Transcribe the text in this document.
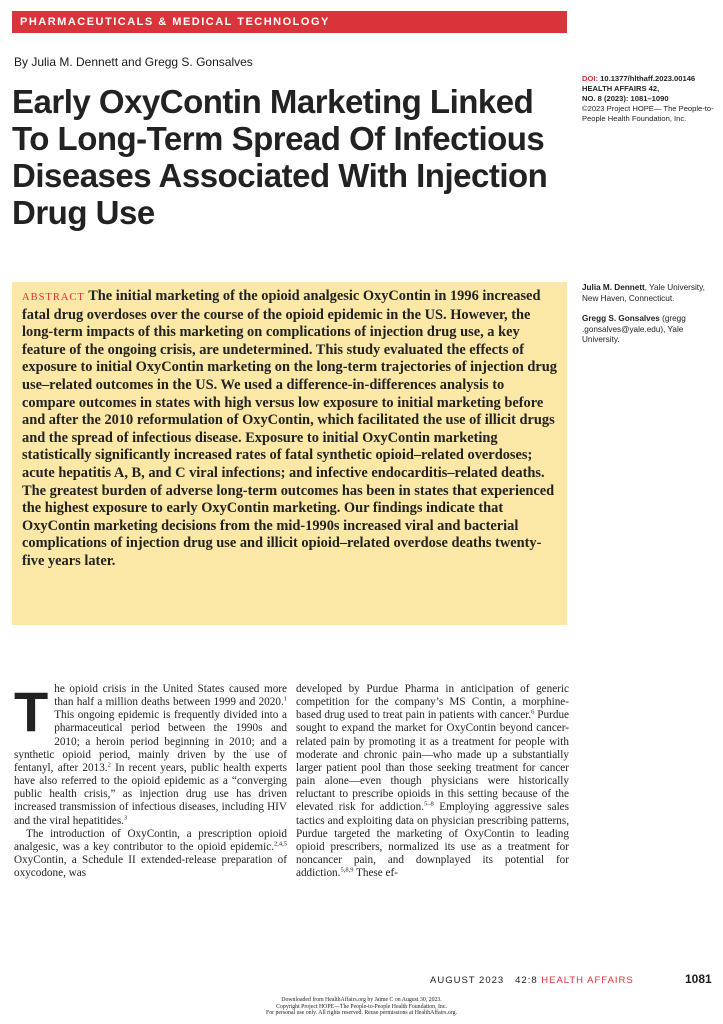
PHARMACEUTICALS & MEDICAL TECHNOLOGY
By Julia M. Dennett and Gregg S. Gonsalves
Early OxyContin Marketing Linked To Long-Term Spread Of Infectious Diseases Associated With Injection Drug Use
DOI: 10.1377/hlthaff.2023.00146
HEALTH AFFAIRS 42,
NO. 8 (2023): 1081–1090
©2023 Project HOPE— The People-to-People Health Foundation, Inc.
ABSTRACT The initial marketing of the opioid analgesic OxyContin in 1996 increased fatal drug overdoses over the course of the opioid epidemic in the US. However, the long-term impacts of this marketing on complications of injection drug use, a key feature of the ongoing crisis, are undetermined. This study evaluated the effects of exposure to initial OxyContin marketing on the long-term trajectories of injection drug use–related outcomes in the US. We used a difference-in-differences analysis to compare outcomes in states with high versus low exposure to initial marketing before and after the 2010 reformulation of OxyContin, which facilitated the use of illicit drugs and the spread of infectious disease. Exposure to initial OxyContin marketing statistically significantly increased rates of fatal synthetic opioid–related overdoses; acute hepatitis A, B, and C viral infections; and infective endocarditis–related deaths. The greatest burden of adverse long-term outcomes has been in states that experienced the highest exposure to early OxyContin marketing. Our findings indicate that OxyContin marketing decisions from the mid-1990s increased viral and bacterial complications of injection drug use and illicit opioid–related overdose deaths twenty-five years later.

Julia M. Dennett, Yale University, New Haven, Connecticut.

Gregg S. Gonsalves (gregg .gonsalves@yale.edu), Yale University.

The opioid crisis in the United States caused more than half a million deaths between 1999 and 2020.$^1$ This ongoing epidemic is frequently divided into a pharmaceutical period between the 1990s and 2010; a heroin period beginning in 2010; and a synthetic opioid period, mainly driven by the use of fentanyl, after 2013.$^2$ In recent years, public health experts have also referred to the opioid epidemic as a “converging public health crisis,” as injection drug use has driven increased transmission of infectious diseases, including HIV and the viral hepatitides.$^3$

The introduction of OxyContin, a prescription opioid analgesic, was a key contributor to the opioid epidemic.$^{2,4,5}$ OxyContin, a Schedule II extended-release preparation of oxycodone, was

developed by Purdue Pharma in anticipation of generic competition for the company’s MS Contin, a morphine-based drug used to treat pain in patients with cancer.$^6$ Purdue sought to expand the market for OxyContin beyond cancer-related pain by promoting it as a treatment for people with moderate and chronic pain—who made up a substantially larger patient pool than those seeking treatment for cancer pain alone—even though physicians were historically reluctant to prescribe opioids in this setting because of the elevated risk for addiction.$^{5-8}$ Employing aggressive sales tactics and exploiting data on physician prescribing patterns, Purdue targeted the marketing of OxyContin to leading opioid prescribers, normalized its use as a treatment for noncancer pain, and downplayed its potential for addiction.$^{5,8,9}$ These ef-

AUGUST 2023 42:8 HEALTH AFFAIRS	1081
Downloaded from HealthAffairs.org by Jaime C on August 30, 2023.
Copyright Project HOPE—The People-to-People Health Foundation, Inc.
For personal use only. All rights reserved. Reuse permissions at HealthAffairs.org.
